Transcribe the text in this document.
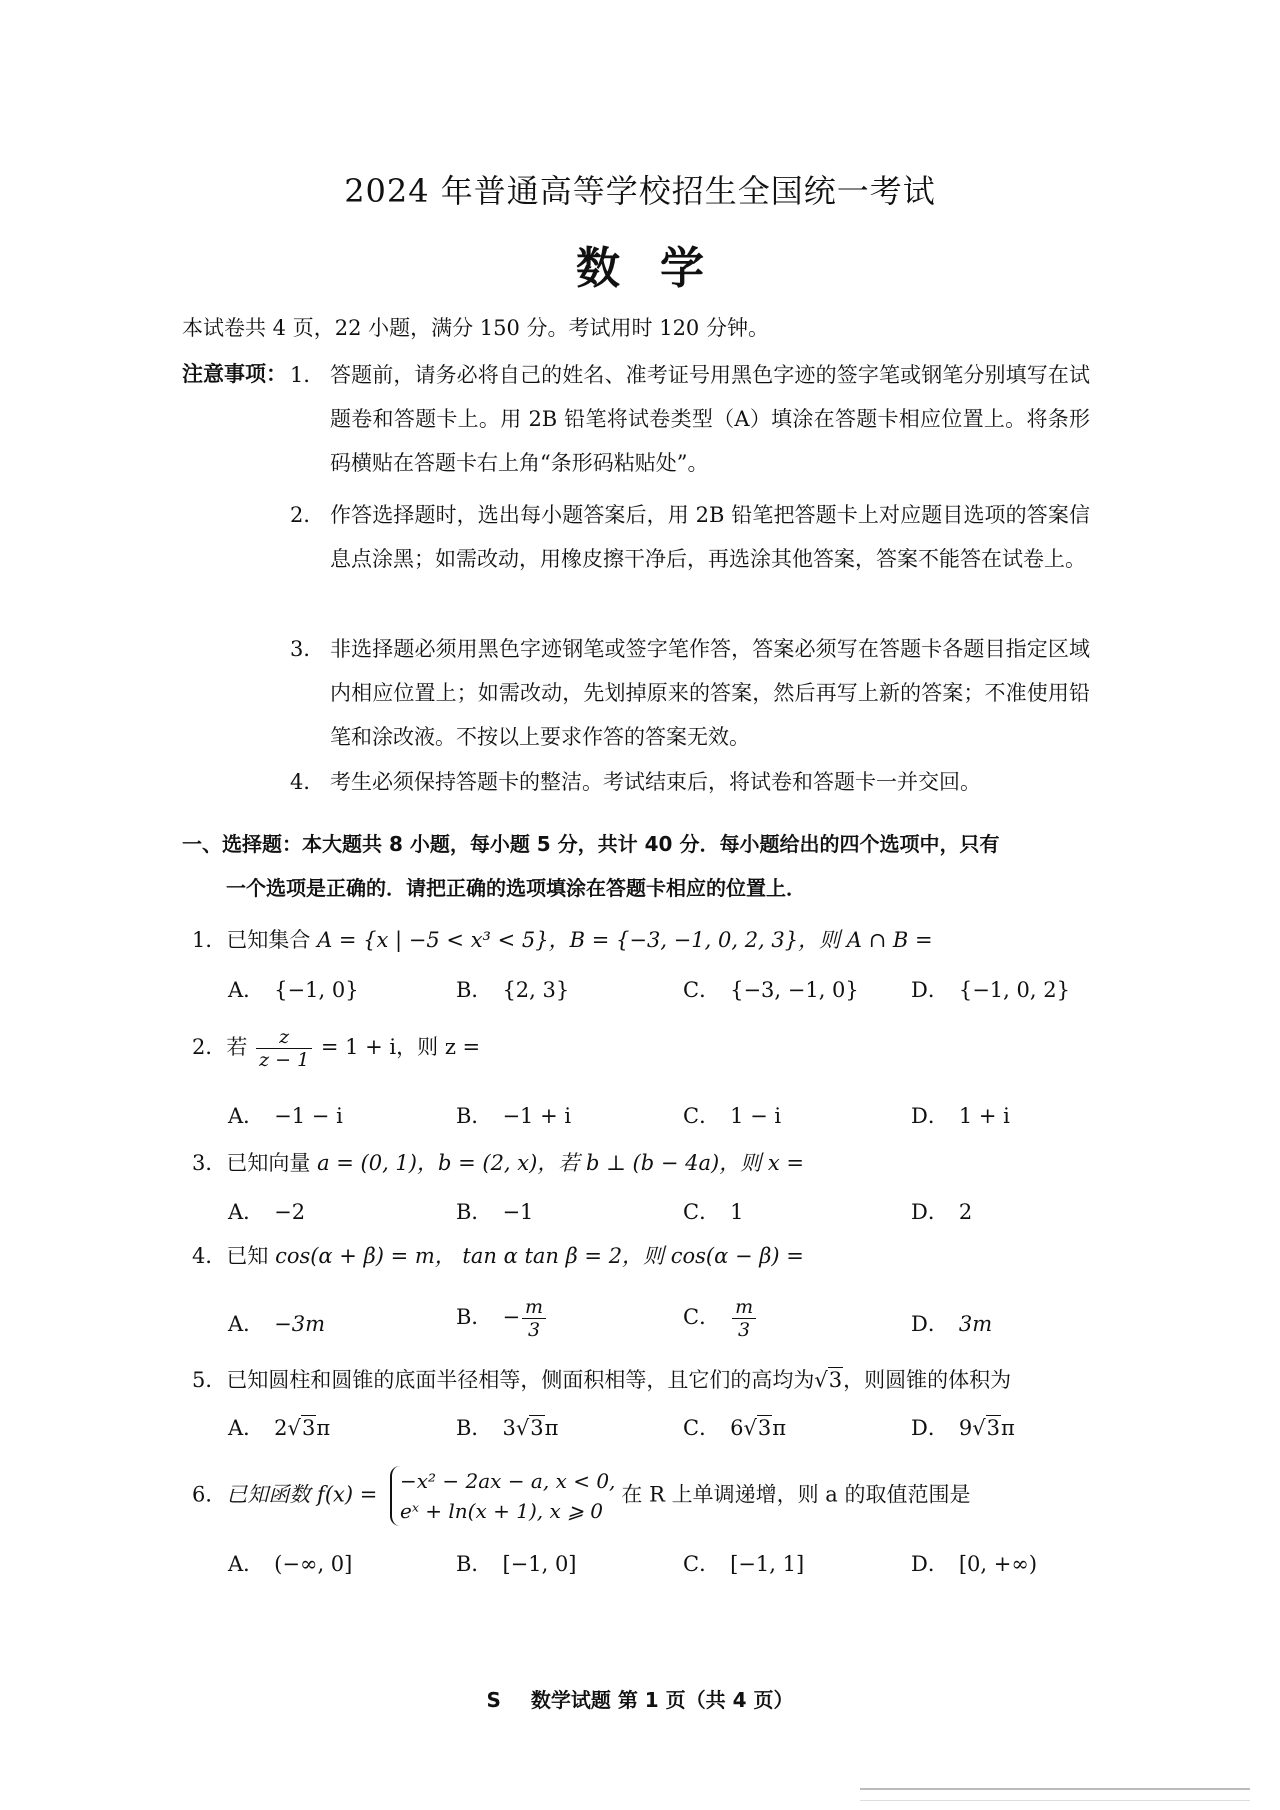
2024 年普通高等学校招生全国统一考试
数学
本试卷共 4 页，22 小题，满分 150 分。考试用时 120 分钟。
注意事项： 1． 答题前，请务必将自己的姓名、准考证号用黑色字迹的签字笔或钢笔分别填写在试题卷和答题卡上。用 2B 铅笔将试卷类型（A）填涂在答题卡相应位置上。将条形码横贴在答题卡右上角“条形码粘贴处”。
2． 作答选择题时，选出每小题答案后，用 2B 铅笔把答题卡上对应题目选项的答案信息点涂黑；如需改动，用橡皮擦干净后，再选涂其他答案，答案不能答在试卷上。
3． 非选择题必须用黑色字迹钢笔或签字笔作答，答案必须写在答题卡各题目指定区域内相应位置上；如需改动，先划掉原来的答案，然后再写上新的答案；不准使用铅笔和涂改液。不按以上要求作答的答案无效。
4． 考生必须保持答题卡的整洁。考试结束后，将试卷和答题卡一并交回。
一、选择题：本大题共 8 小题，每小题 5 分，共计 40 分．每小题给出的四个选项中，只有
一个选项是正确的．请把正确的选项填涂在答题卡相应的位置上．
1．已知集合 A = {x | −5 < x³ < 5}，B = {−3, −1, 0, 2, 3}，则 A ∩ B =
A． {−1, 0}	B． {2, 3}	C． {−3, −1, 0} D． {−1, 0, 2}
2．若 $\frac{z}{z - 1} = 1 + i$，则 z =
A． −1 − i	B． −1 + i	C． 1 − i	D． 1 + i
3．已知向量 a = (0, 1)，b = (2, x)，若 b ⊥ (b − 4a)，则 x =
A． −2	B． −1	C． 1	D． 2
4．已知 cos(α + β) = m， tan α tan β = 2，则 cos(α − β) =
A． −3m	B． − $\frac{m}{3}$	C． $\frac{m}{3}$	D． 3m
5．已知圆柱和圆锥的底面半径相等，侧面积相等，且它们的高均为√3，则圆锥的体积为
A． 2√3π	B． 3√3π	C． 6√3π	D． 9√3π
6．已知函数 f(x) =
−x² − 2ax − a, x < 0,
eˣ + ln(x + 1), x ⩾ 0
在 R 上单调递增，则 a 的取值范围是
A． (−∞, 0]	B． [−1, 0]	C． [−1, 1]	D． [0, +∞)
S 数学试题 第 1 页（共 4 页）
